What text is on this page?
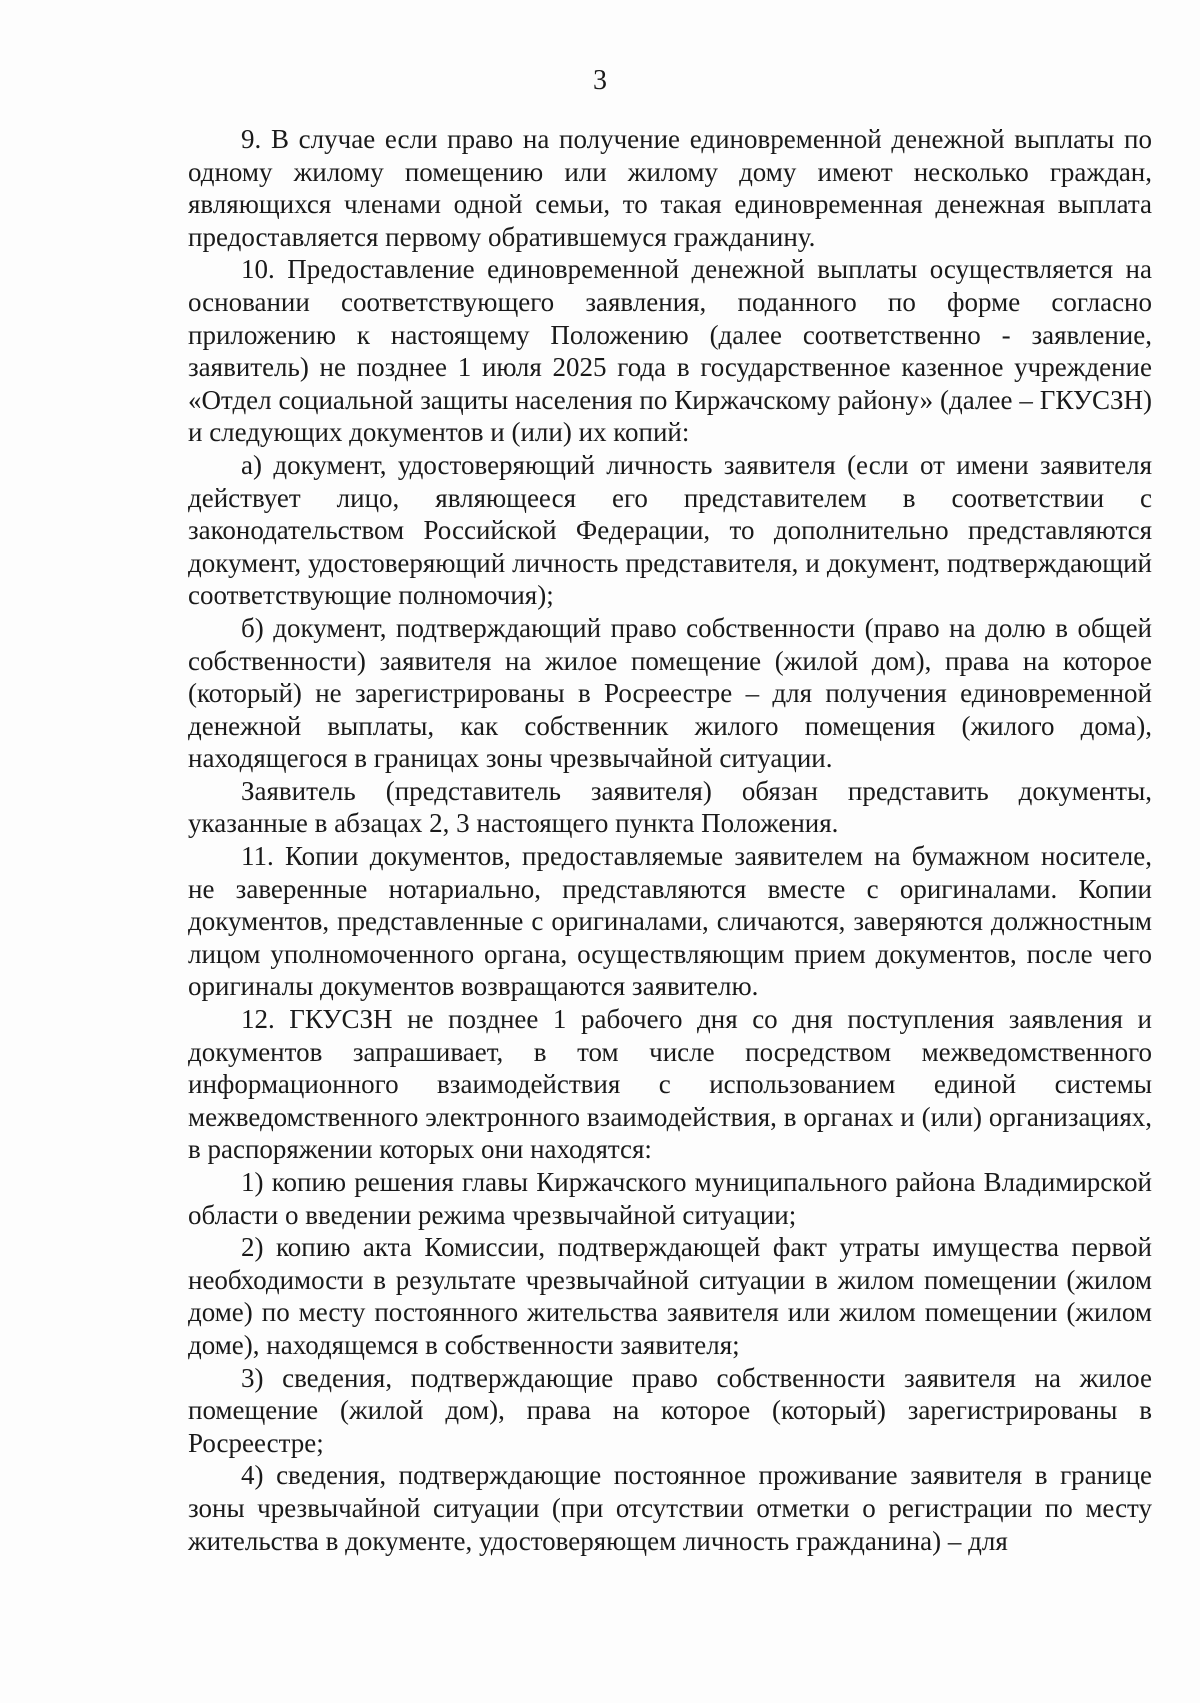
3

9. В случае если право на получение единовременной денежной выплаты по одному жилому помещению или жилому дому имеют несколько граждан, являющихся членами одной семьи, то такая единовременная денежная выплата предоставляется первому обратившемуся гражданину.

10. Предоставление единовременной денежной выплаты осуществляется на основании соответствующего заявления, поданного по форме согласно приложению к настоящему Положению (далее соответственно - заявление, заявитель) не позднее 1 июля 2025 года в государственное казенное учреждение «Отдел социальной защиты населения по Киржачскому району» (далее – ГКУСЗН) и следующих документов и (или) их копий:

а) документ, удостоверяющий личность заявителя (если от имени заявителя действует лицо, являющееся его представителем в соответствии с законодательством Российской Федерации, то дополнительно представляются документ, удостоверяющий личность представителя, и документ, подтверждающий соответствующие полномочия);

б) документ, подтверждающий право собственности (право на долю в общей собственности) заявителя на жилое помещение (жилой дом), права на которое (который) не зарегистрированы в Росреестре – для получения единовременной денежной выплаты, как собственник жилого помещения (жилого дома), находящегося в границах зоны чрезвычайной ситуации.

Заявитель (представитель заявителя) обязан представить документы, указанные в абзацах 2, 3 настоящего пункта Положения.

11. Копии документов, предоставляемые заявителем на бумажном носителе, не заверенные нотариально, представляются вместе с оригиналами. Копии документов, представленные с оригиналами, сличаются, заверяются должностным лицом уполномоченного органа, осуществляющим прием документов, после чего оригиналы документов возвращаются заявителю.

12. ГКУСЗН не позднее 1 рабочего дня со дня поступления заявления и документов запрашивает, в том числе посредством межведомственного информационного взаимодействия с использованием единой системы межведомственного электронного взаимодействия, в органах и (или) организациях, в распоряжении которых они находятся:

1) копию решения главы Киржачского муниципального района Владимирской области о введении режима чрезвычайной ситуации;

2) копию акта Комиссии, подтверждающей факт утраты имущества первой необходимости в результате чрезвычайной ситуации в жилом помещении (жилом доме) по месту постоянного жительства заявителя или жилом помещении (жилом доме), находящемся в собственности заявителя;

3) сведения, подтверждающие право собственности заявителя на жилое помещение (жилой дом), права на которое (который) зарегистрированы в Росреестре;

4) сведения, подтверждающие постоянное проживание заявителя в границе зоны чрезвычайной ситуации (при отсутствии отметки о регистрации по месту жительства в документе, удостоверяющем личность гражданина) – для
